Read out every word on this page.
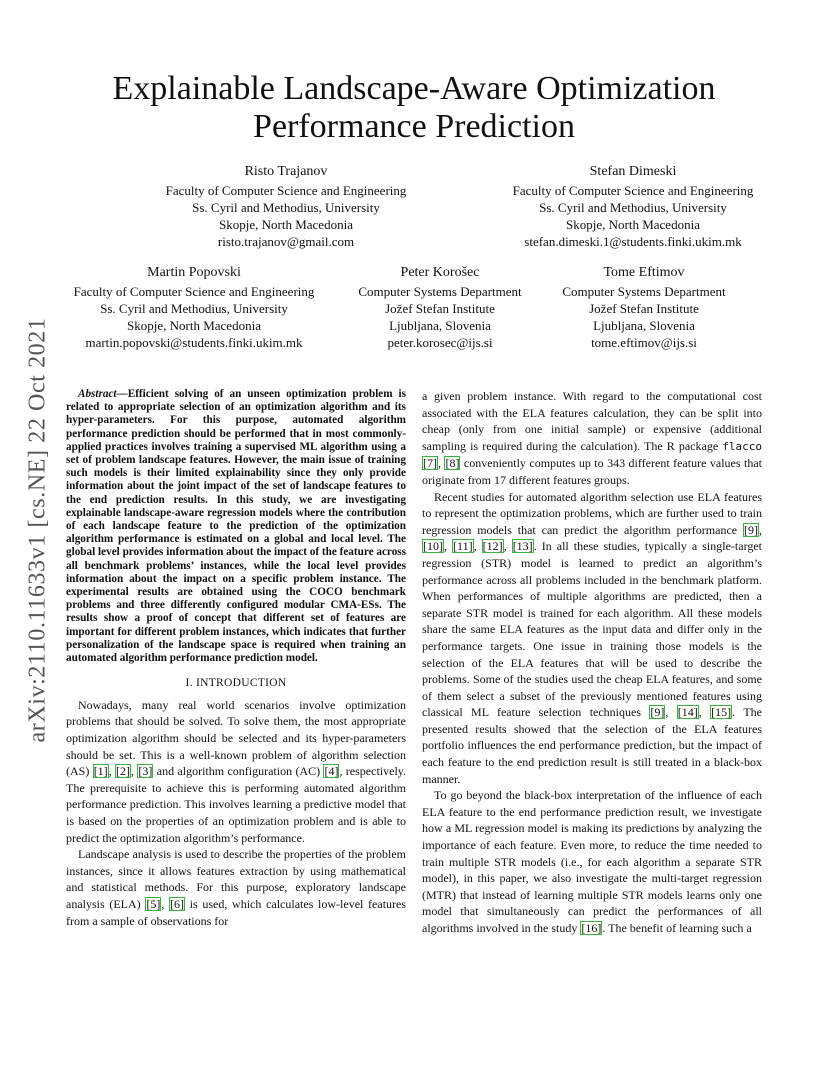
arXiv:2110.11633v1 [cs.NE] 22 Oct 2021
Explainable Landscape-Aware Optimization
Performance Prediction
Risto Trajanov
Faculty of Computer Science and Engineering
Ss. Cyril and Methodius, University
Skopje, North Macedonia
risto.trajanov@gmail.com
Stefan Dimeski
Faculty of Computer Science and Engineering
Ss. Cyril and Methodius, University
Skopje, North Macedonia
stefan.dimeski.1@students.finki.ukim.mk
Martin Popovski
Faculty of Computer Science and Engineering
Ss. Cyril and Methodius, University
Skopje, North Macedonia
martin.popovski@students.finki.ukim.mk
Peter Korošec
Computer Systems Department
Jožef Stefan Institute
Ljubljana, Slovenia
peter.korosec@ijs.si
Tome Eftimov
Computer Systems Department
Jožef Stefan Institute
Ljubljana, Slovenia
tome.eftimov@ijs.si

Abstract—Efficient solving of an unseen optimization problem is related to appropriate selection of an optimization algorithm and its hyper-parameters. For this purpose, automated algorithm performance prediction should be performed that in most commonly-applied practices involves training a supervised ML algorithm using a set of problem landscape features. However, the main issue of training such models is their limited explainability since they only provide information about the joint impact of the set of landscape features to the end prediction results. In this study, we are investigating explainable landscape-aware regression models where the contribution of each landscape feature to the prediction of the optimization algorithm performance is estimated on a global and local level. The global level provides information about the impact of the feature across all benchmark problems’ instances, while the local level provides information about the impact on a specific problem instance. The experimental results are obtained using the COCO benchmark problems and three differently configured modular CMA-ESs. The results show a proof of concept that different set of features are important for different problem instances, which indicates that further personalization of the landscape space is required when training an automated algorithm performance prediction model.

I. INTRODUCTION

Nowadays, many real world scenarios involve optimization problems that should be solved. To solve them, the most appropriate optimization algorithm should be selected and its hyper-parameters should be set. This is a well-known problem of algorithm selection (AS) [1], [2], [3] and algorithm configuration (AC) [4], respectively. The prerequisite to achieve this is performing automated algorithm performance prediction. This involves learning a predictive model that is based on the properties of an optimization problem and is able to predict the optimization algorithm’s performance.

Landscape analysis is used to describe the properties of the problem instances, since it allows features extraction by using mathematical and statistical methods. For this purpose, exploratory landscape analysis (ELA) [5], [6] is used, which calculates low-level features from a sample of observations for

a given problem instance. With regard to the computational cost associated with the ELA features calculation, they can be split into cheap (only from one initial sample) or expensive (additional sampling is required during the calculation). The R package flacco [7], [8] conveniently computes up to 343 different feature values that originate from 17 different features groups.

Recent studies for automated algorithm selection use ELA features to represent the optimization problems, which are further used to train regression models that can predict the algorithm performance [9], [10], [11], [12], [13]. In all these studies, typically a single-target regression (STR) model is learned to predict an algorithm’s performance across all problems included in the benchmark platform. When performances of multiple algorithms are predicted, then a separate STR model is trained for each algorithm. All these models share the same ELA features as the input data and differ only in the performance targets. One issue in training those models is the selection of the ELA features that will be used to describe the problems. Some of the studies used the cheap ELA features, and some of them select a subset of the previously mentioned features using classical ML feature selection techniques [9], [14], [15]. The presented results showed that the selection of the ELA features portfolio influences the end performance prediction, but the impact of each feature to the end prediction result is still treated in a black-box manner.

To go beyond the black-box interpretation of the influence of each ELA feature to the end performance prediction result, we investigate how a ML regression model is making its predictions by analyzing the importance of each feature. Even more, to reduce the time needed to train multiple STR models (i.e., for each algorithm a separate STR model), in this paper, we also investigate the multi-target regression (MTR) that instead of learning multiple STR models learns only one model that simultaneously can predict the performances of all algorithms involved in the study [16]. The benefit of learning such a
